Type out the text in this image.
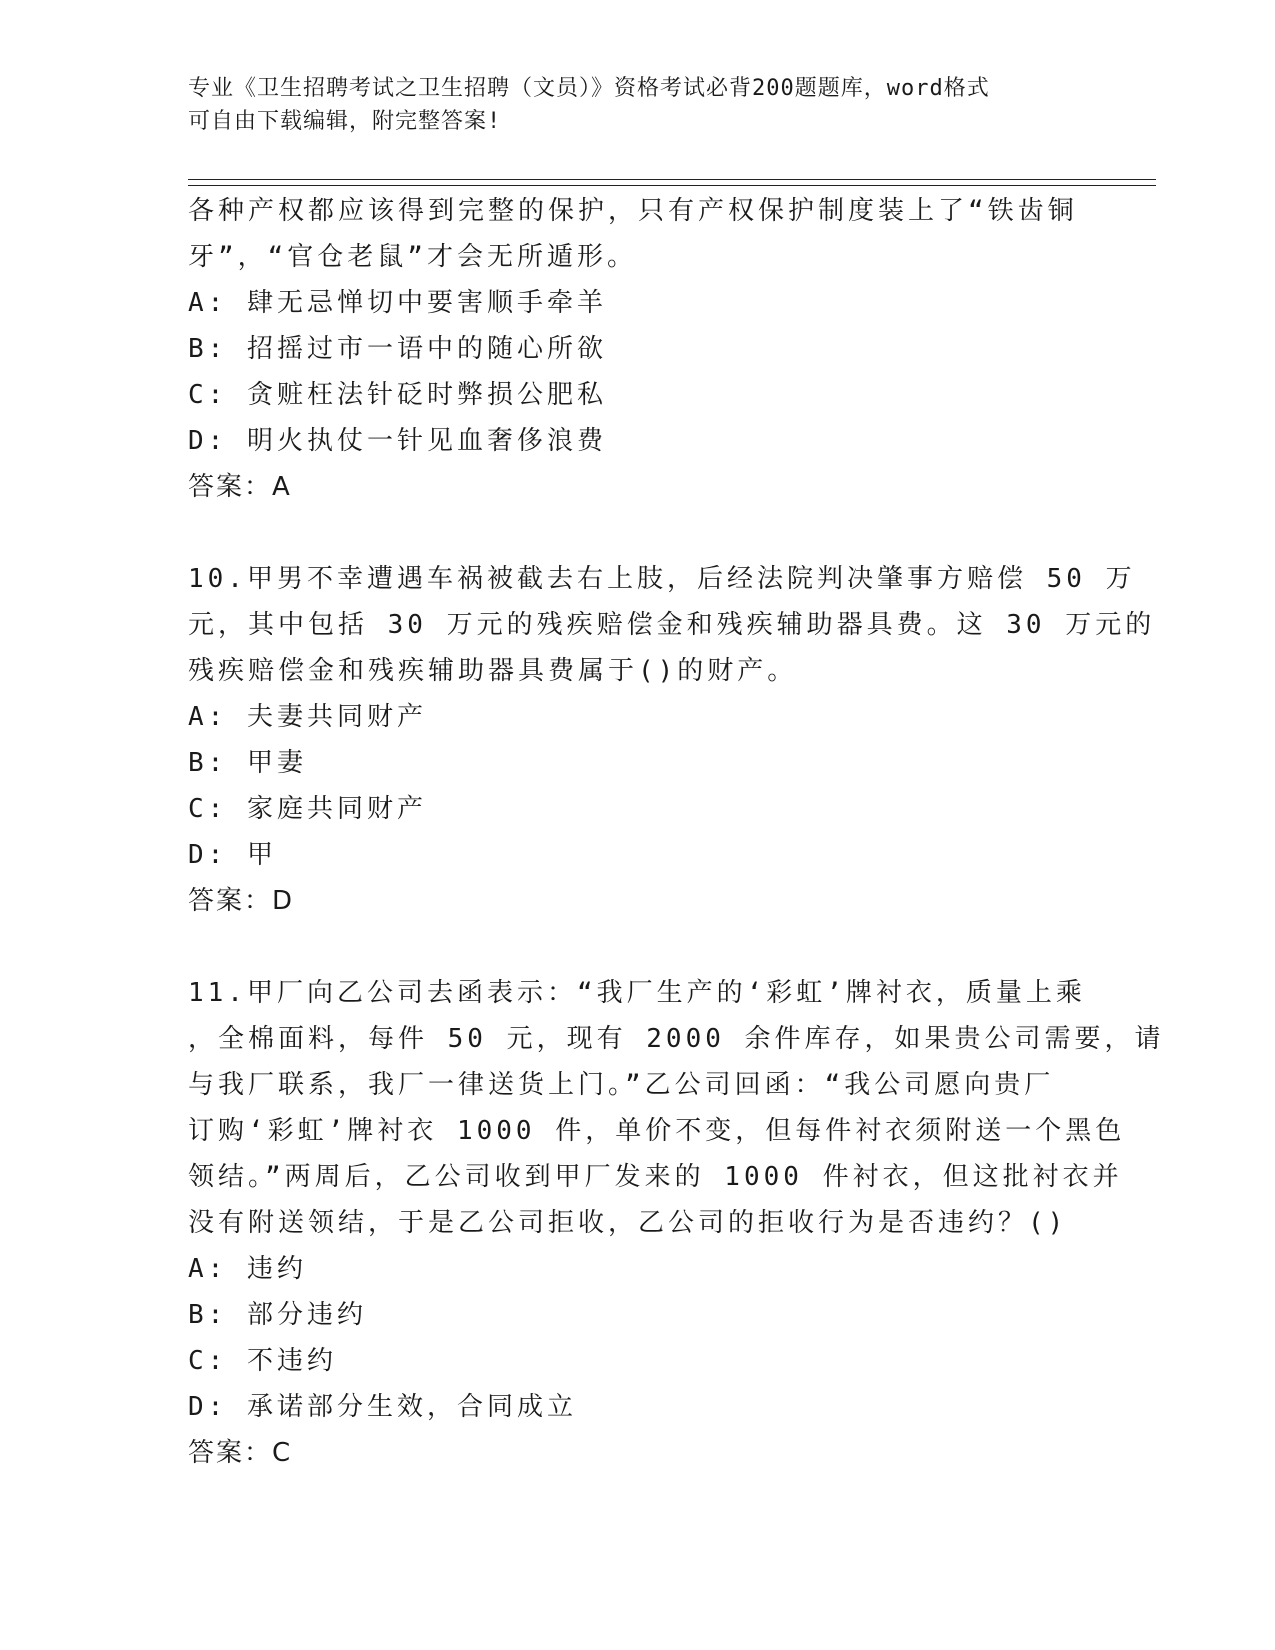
专业《卫生招聘考试之卫生招聘（文员）》资格考试必背200题题库，word格式
可自由下载编辑，附完整答案!
各种产权都应该得到完整的保护，只有产权保护制度装上了“铁齿铜
牙”，“官仓老鼠”才会无所遁形。
A: 肆无忌惮切中要害顺手牵羊
B: 招摇过市一语中的随心所欲
C: 贪赃枉法针砭时弊损公肥私
D: 明火执仗一针见血奢侈浪费
答案：A
10.甲男不幸遭遇车祸被截去右上肢，后经法院判决肇事方赔偿 50 万
元，其中包括 30 万元的残疾赔偿金和残疾辅助器具费。这 30 万元的
残疾赔偿金和残疾辅助器具费属于()的财产。
A: 夫妻共同财产
B: 甲妻
C: 家庭共同财产
D: 甲
答案：D
11.甲厂向乙公司去函表示：“我厂生产的‘彩虹’牌衬衣，质量上乘
，全棉面料，每件 50 元，现有 2000 余件库存，如果贵公司需要，请
与我厂联系，我厂一律送货上门。”乙公司回函：“我公司愿向贵厂
订购‘彩虹’牌衬衣 1000 件，单价不变，但每件衬衣须附送一个黑色
领结。”两周后，乙公司收到甲厂发来的 1000 件衬衣，但这批衬衣并
没有附送领结，于是乙公司拒收，乙公司的拒收行为是否违约？()
A: 违约
B: 部分违约
C: 不违约
D: 承诺部分生效，合同成立
答案：C
